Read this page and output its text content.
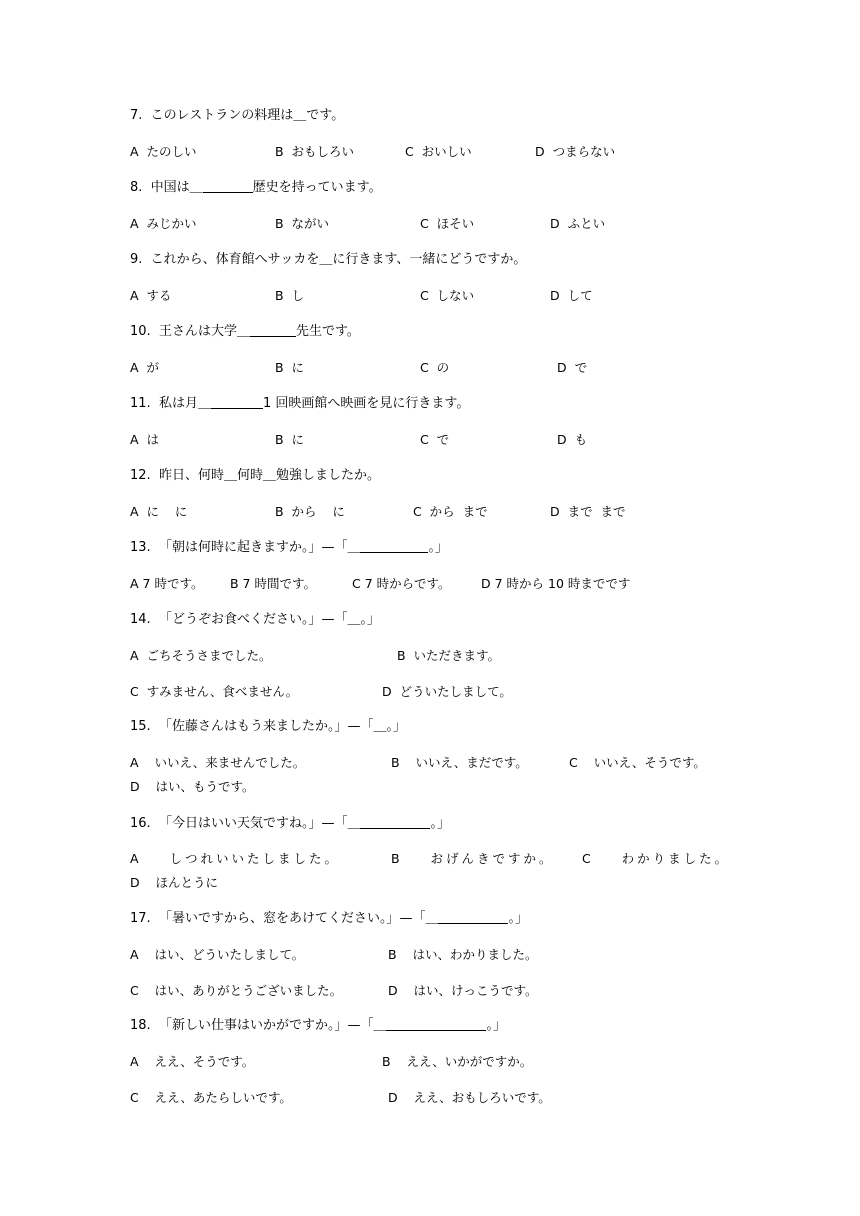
7.  このレストランの料理は＿です。
A  たのしい	B  おもしろい	C  おいしい	D  つまらない
8.  中国は＿	歴史を持っています。
A  みじかい	B  ながい	C  ほそい	D  ふとい
9.  これから、体育館へサッカを＿に行きます、一緒にどうですか。
A  する	B  し	C  しない	D  して
10.  王さんは大学＿	先生です。
A  が	B  に	C  の	D  で
11.  私は月＿	1 回映画館へ映画を見に行きます。
A  は	B  に	C  で	D  も
12.  昨日、何時＿何時＿勉強しましたか。
A  に    に	B  から    に	C  から  まで	D  まで  まで
13.  「朝は何時に起きますか。」—「＿	。」
A 7 時です。 B 7 時間です。	C 7 時からです。 D 7 時から 10 時までです
14.  「どうぞお食べください。」—「＿。」
A  ごちそうさまでした。	B  いただきます。
C  すみません、食べません。	D  どういたしまして。
15.  「佐藤さんはもう来ましたか。」—「＿。」
A    いいえ、来ませんでした。	B    いいえ、まだです。	C    いいえ、そうです。
D    はい、もうです。
16.  「今日はいい天気ですね。」—「＿	。」
A    しつれいいたしました。	B    おげんきですか。 C    わかりました。
D    ほんとうに
17.  「暑いですから、窓をあけてください。」—「＿	。」
A    はい、どういたしまして。	B    はい、わかりました。
C    はい、ありがとうございました。	D    はい、けっこうです。
18.  「新しい仕事はいかがですか。」—「＿	。」
A    ええ、そうです。	B    ええ、いかがですか。
C    ええ、あたらしいです。	D    ええ、おもしろいです。
